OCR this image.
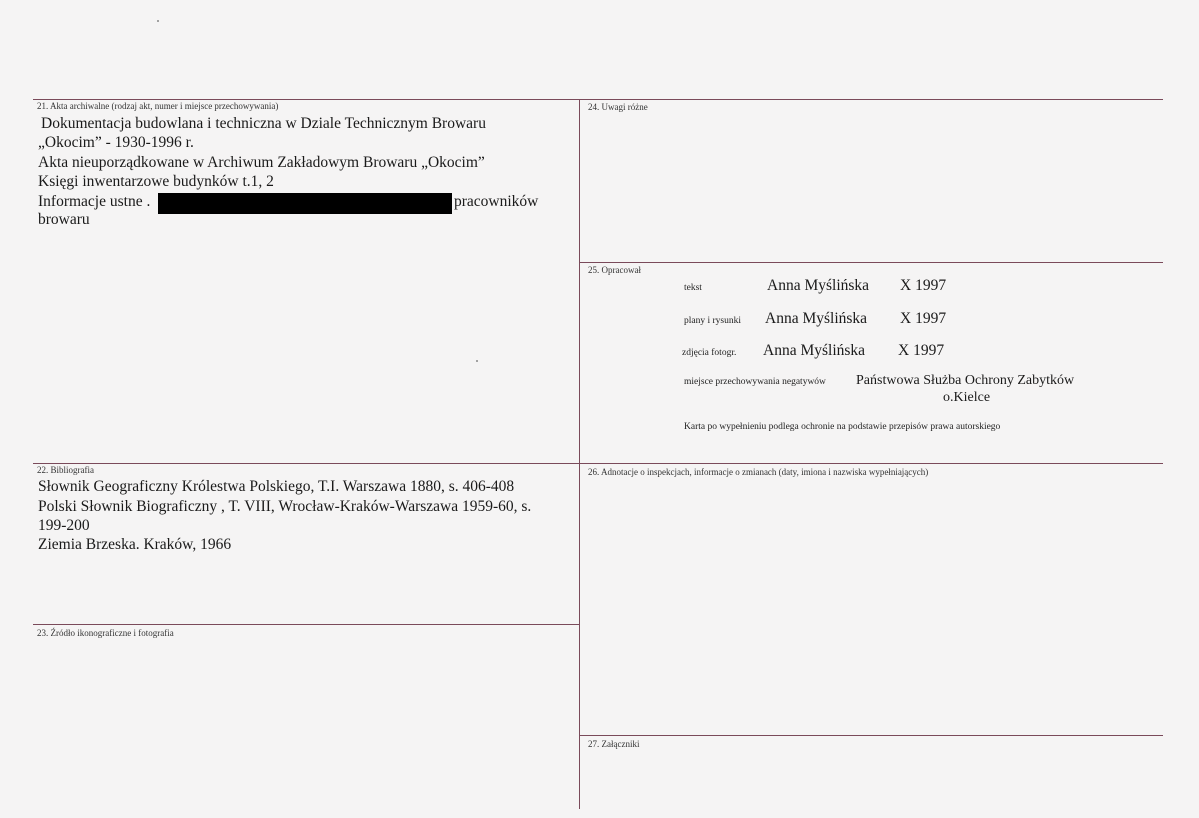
21. Akta archiwalne (rodzaj akt, numer i miejsce przechowywania)
Dokumentacja budowlana i techniczna w Dziale Technicznym Browaru
„Okocim” - 1930-1996 r.
Akta nieuporządkowane w Archiwum Zakładowym Browaru „Okocim”
Księgi inwentarzowe budynków t.1, 2
Informacje ustne .	pracowników
browaru
24. Uwagi różne
25. Opracował
tekst	Anna Myślińska X 1997
plany i rysunki Anna Myślińska X 1997
zdjęcia fotogr. Anna Myślińska X 1997
miejsce przechowywania negatywów Państwowa Służba Ochrony Zabytków
o.Kielce
Karta po wypełnieniu podlega ochronie na podstawie przepisów prawa autorskiego
22. Bibliografia
Słownik Geograficzny Królestwa Polskiego, T.I. Warszawa 1880, s. 406-408
Polski Słownik Biograficzny , T. VIII, Wrocław-Kraków-Warszawa 1959-60, s.
199-200
Ziemia Brzeska. Kraków, 1966
26. Adnotacje o inspekcjach, informacje o zmianach (daty, imiona i nazwiska wypełniających)
23. Źródło ikonograficzne i fotografia
27. Załączniki
